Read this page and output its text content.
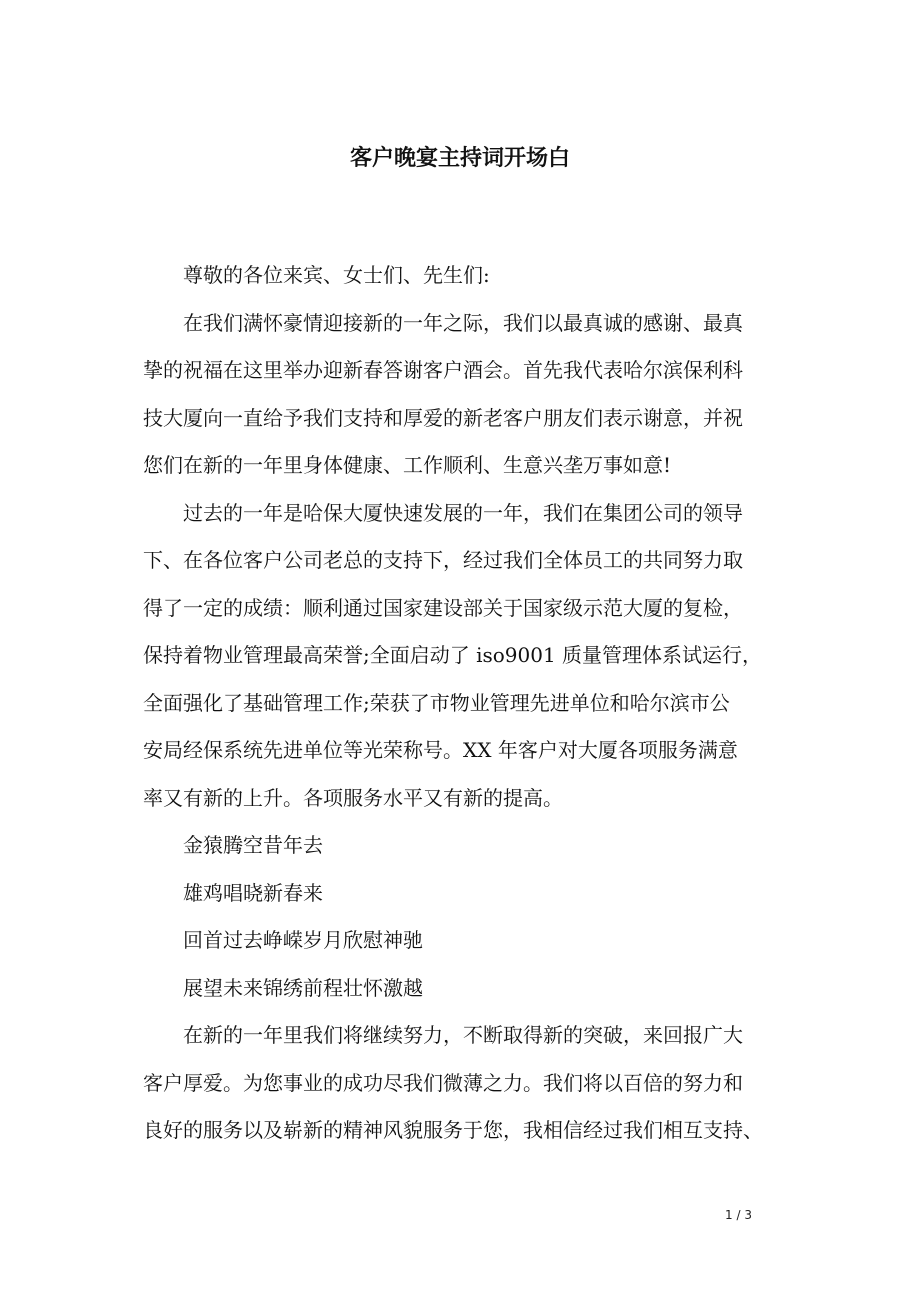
客户晚宴主持词开场白
尊敬的各位来宾、女士们、先生们:
在我们满怀豪情迎接新的一年之际，我们以最真诚的感谢、最真
挚的祝福在这里举办迎新春答谢客户酒会。首先我代表哈尔滨保利科
技大厦向一直给予我们支持和厚爱的新老客户朋友们表示谢意，并祝
您们在新的一年里身体健康、工作顺利、生意兴垄万事如意!
过去的一年是哈保大厦快速发展的一年，我们在集团公司的领导
下、在各位客户公司老总的支持下，经过我们全体员工的共同努力取
得了一定的成绩：顺利通过国家建设部关于国家级示范大厦的复检，
保持着物业管理最高荣誉;全面启动了 iso9001 质量管理体系试运行，
全面强化了基础管理工作;荣获了市物业管理先进单位和哈尔滨市公
安局经保系统先进单位等光荣称号。XX 年客户对大厦各项服务满意
率又有新的上升。各项服务水平又有新的提高。
金猿腾空昔年去
雄鸡唱晓新春来
回首过去峥嵘岁月欣慰神驰
展望未来锦绣前程壮怀激越
在新的一年里我们将继续努力，不断取得新的突破，来回报广大
客户厚爱。为您事业的成功尽我们微薄之力。我们将以百倍的努力和
良好的服务以及崭新的精神风貌服务于您，我相信经过我们相互支持、
1 / 3
